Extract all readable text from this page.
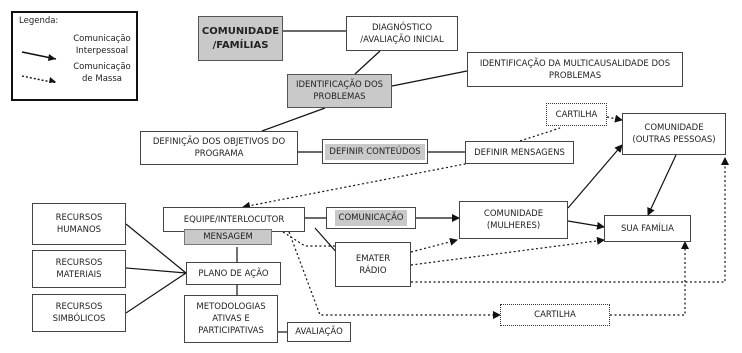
Legenda:
Comunicação
Interpessoal
Comunicação
de Massa
COMUNIDADE
/FAMÍLIAS
DIAGNÓSTICO
/AVALIAÇÃO INICIAL
IDENTIFICAÇÃO DOS
PROBLEMAS
IDENTIFICAÇÃO DA MULTICAUSALIDADE DOS
PROBLEMAS
DEFINIÇÃO DOS OBJETIVOS DO
PROGRAMA	DEFINIR CONTEÚDOS	DEFINIR MENSAGENS
CARTILHA
COMUNIDADE
(OUTRAS PESSOAS)
RECURSOS
HUMANOS
EQUIPE/INTERLOCUTOR
MENSAGEM
COMUNICAÇÃO	COMUNIDADE
(MULHERES)	SUA FAMÍLIA
RECURSOS
MATERIAIS
EMATER
RÁDIO
PLANO DE AÇÃO
RECURSOS
SIMBÓLICOS
METODOLOGIAS
ATIVAS E
PARTICIPATIVAS
CARTILHA
AVALIAÇÃO
